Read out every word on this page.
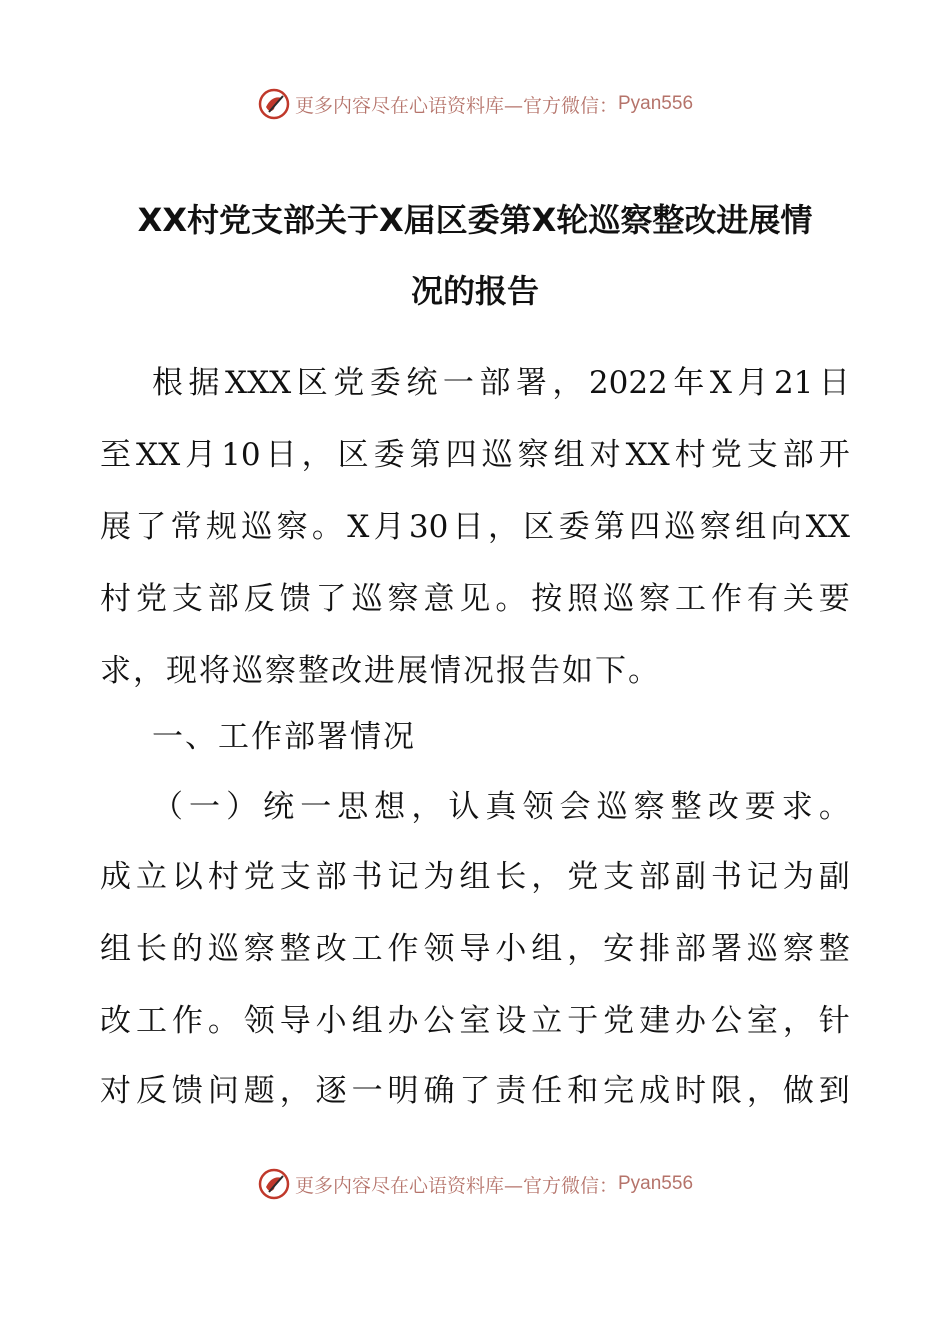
更多内容尽在心语资料库—官方微信： Pyan556
XX村党支部关于X届区委第X轮巡察整改进展情
况的报告
根 据 XXX 区 党 委 统 一 部 署 ， 2022 年 X 月 21 日
至 XX 月 10 日 ， 区 委 第 四 巡 察 组 对 XX 村 党 支 部 开
展 了 常 规 巡 察 。 X 月 30 日 ， 区 委 第 四 巡 察 组 向 XX
村 党 支 部 反 馈 了 巡 察 意 见 。 按 照 巡 察 工 作 有 关 要
求，现将巡察整改进展情况报告如下。
一、工作部署情况
（ 一 ） 统 一 思 想 ， 认 真 领 会 巡 察 整 改 要 求 。
成 立 以 村 党 支 部 书 记 为 组 长 ， 党 支 部 副 书 记 为 副
组 长 的 巡 察 整 改 工 作 领 导 小 组 ， 安 排 部 署 巡 察 整
改 工 作 。 领 导 小 组 办 公 室 设 立 于 党 建 办 公 室 ， 针
对 反 馈 问 题 ， 逐 一 明 确 了 责 任 和 完 成 时 限 ， 做 到
更多内容尽在心语资料库—官方微信： Pyan556
